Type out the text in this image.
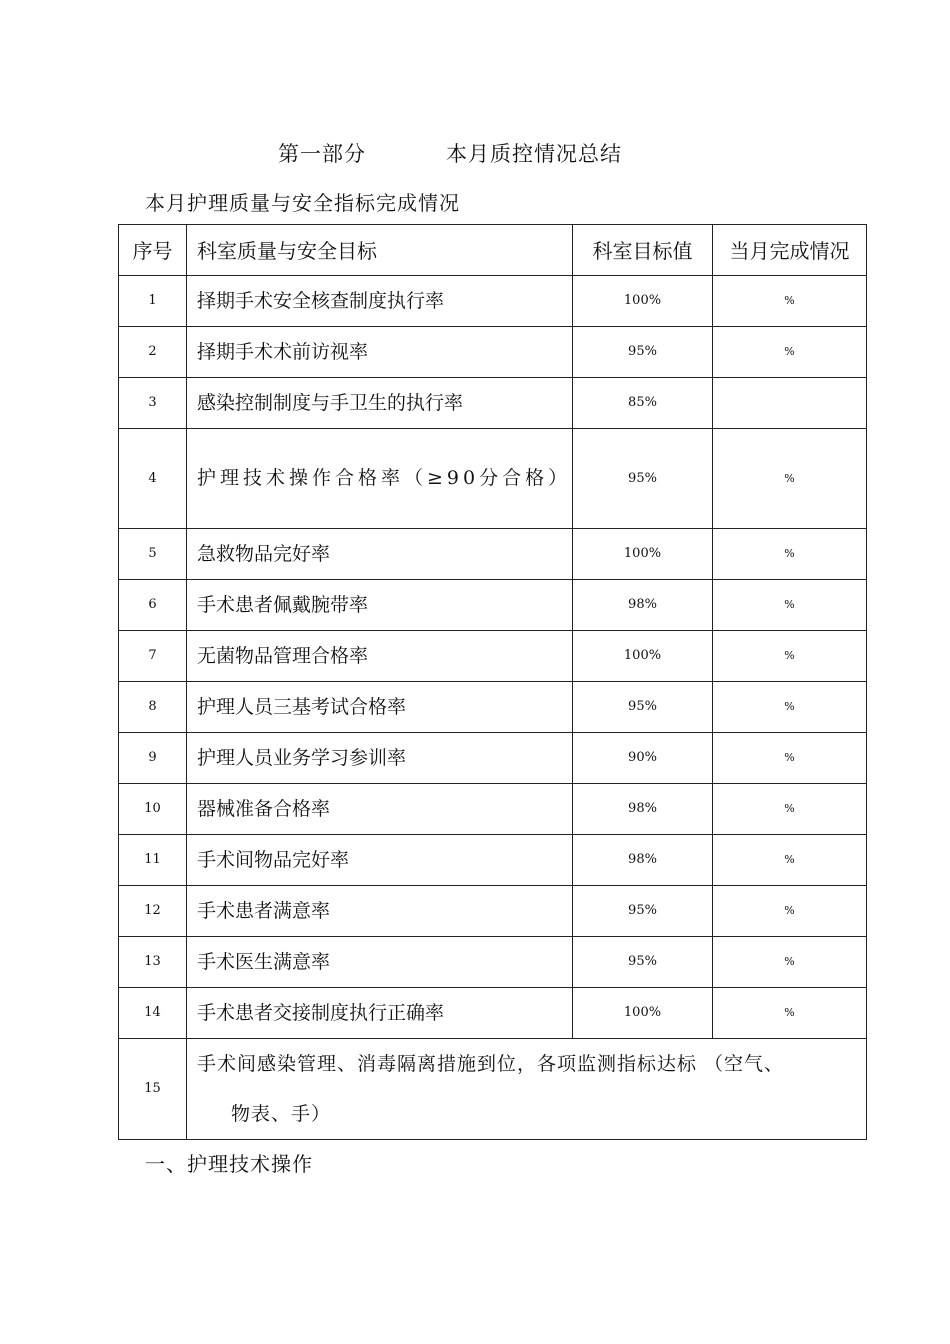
第一部分	本月质控情况总结
本月护理质量与安全指标完成情况
序号	科室质量与安全目标	科室目标值	当月完成情况
1	择期手术安全核查制度执行率	100%	%
2	择期手术术前访视率	95%	%
3	感染控制制度与手卫生的执行率	85%	
4	护理技术操作合格率（≥90分合格）	95%	%
5	急救物品完好率	100%	%
6	手术患者佩戴腕带率	98%	%
7	无菌物品管理合格率	100%	%
8	护理人员三基考试合格率	95%	%
9	护理人员业务学习参训率	90%	%
10	器械准备合格率	98%	%
11	手术间物品完好率	98%	%
12	手术患者满意率	95%	%
13	手术医生满意率	95%	%
14	手术患者交接制度执行正确率	100%	%
15	手术间感染管理、消毒隔离措施到位，各项监测指标达标 （空气、
物表、手）		
一、护理技术操作
